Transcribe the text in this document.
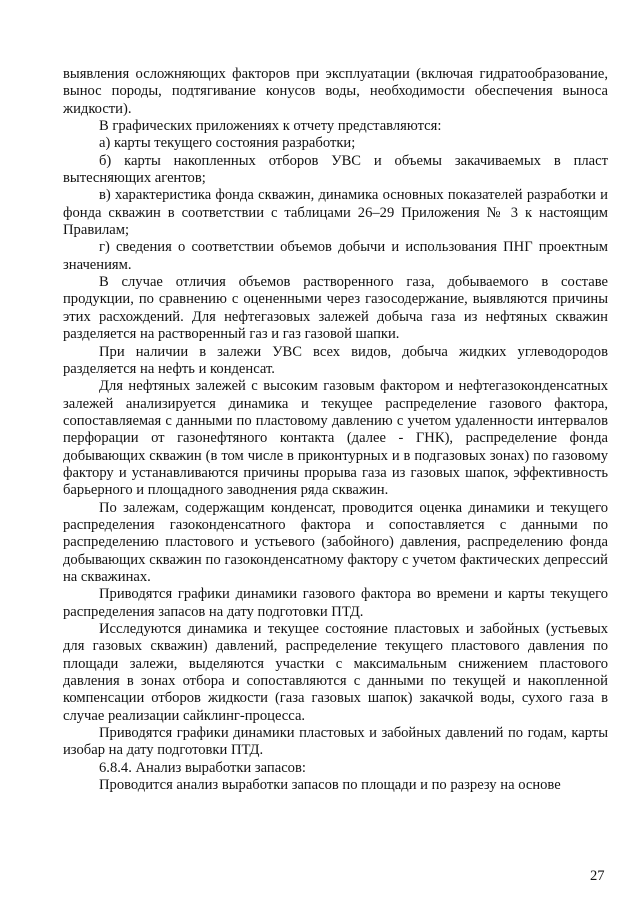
выявления осложняющих факторов при эксплуатации (включая гидратообразование, вынос породы, подтягивание конусов воды, необходимости обеспечения выноса жидкости).

В графических приложениях к отчету представляются:

а) карты текущего состояния разработки;

б) карты накопленных отборов УВС и объемы закачиваемых в пласт вытесняющих агентов;

в) характеристика фонда скважин, динамика основных показателей разработки и фонда скважин в соответствии с таблицами 26–29 Приложения № 3 к настоящим Правилам;

г) сведения о соответствии объемов добычи и использования ПНГ проектным значениям.

В случае отличия объемов растворенного газа, добываемого в составе продукции, по сравнению с оцененными через газосодержание, выявляются причины этих расхождений. Для нефтегазовых залежей добыча газа из нефтяных скважин разделяется на растворенный газ и газ газовой шапки.

При наличии в залежи УВС всех видов, добыча жидких углеводородов разделяется на нефть и конденсат.

Для нефтяных залежей с высоким газовым фактором и нефтегазоконденсатных залежей анализируется динамика и текущее распределение газового фактора, сопоставляемая с данными по пластовому давлению с учетом удаленности интервалов перфорации от газонефтяного контакта (далее - ГНК), распределение фонда добывающих скважин (в том числе в приконтурных и в подгазовых зонах) по газовому фактору и устанавливаются причины прорыва газа из газовых шапок, эффективность барьерного и площадного заводнения ряда скважин.

По залежам, содержащим конденсат, проводится оценка динамики и текущего распределения газоконденсатного фактора и сопоставляется с данными по распределению пластового и устьевого (забойного) давления, распределению фонда добывающих скважин по газоконденсатному фактору с учетом фактических депрессий на скважинах.

Приводятся графики динамики газового фактора во времени и карты текущего распределения запасов на дату подготовки ПТД.

Исследуются динамика и текущее состояние пластовых и забойных (устьевых для газовых скважин) давлений, распределение текущего пластового давления по площади залежи, выделяются участки с максимальным снижением пластового давления в зонах отбора и сопоставляются с данными по текущей и накопленной компенсации отборов жидкости (газа газовых шапок) закачкой воды, сухого газа в случае реализации сайклинг-процесса.

Приводятся графики динамики пластовых и забойных давлений по годам, карты изобар на дату подготовки ПТД.

6.8.4. Анализ выработки запасов:

Проводится анализ выработки запасов по площади и по разрезу на основе

27
